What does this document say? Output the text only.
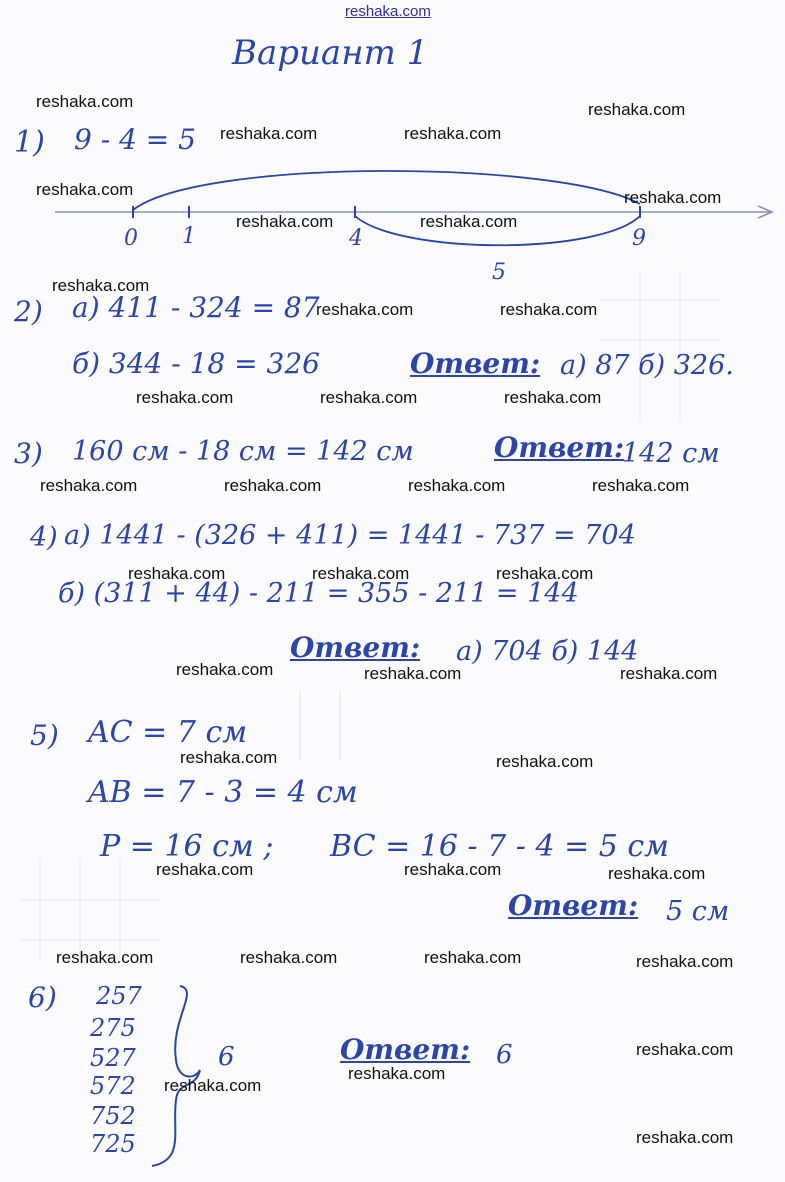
reshaka.com
Вариант 1
1) 9 - 4 = 5
0 1	4	9
5
2) а) 411 - 324 = 87
б) 344 - 18 = 326	Ответ: а) 87 б) 326.
3) 160 см - 18 см = 142 см	Ответ:
142 см
4) а) 1441 - (326 + 411) = 1441 - 737 = 704
б) (311 + 44) - 211 = 355 - 211 = 144
Ответ: а) 704 б) 144
5) AC = 7 см
AB = 7 - 3 = 4 см
P = 16 см ; BC = 16 - 7 - 4 = 5 см
Ответ: 5 см
6) 257
275
527
572
752
725
6	Ответ: 6
reshaka.com	reshaka.com
reshaka.com	reshaka.com
reshaka.com	reshaka.com
reshaka.com	reshaka.com
reshaka.com
reshaka.com	reshaka.com
reshaka.com	reshaka.com	reshaka.com
reshaka.com	reshaka.com	reshaka.com	reshaka.com
reshaka.com	reshaka.com	reshaka.com
reshaka.com	reshaka.com	reshaka.com
reshaka.com	reshaka.com
reshaka.com	reshaka.com	reshaka.com
reshaka.com	reshaka.com	reshaka.com	reshaka.com
reshaka.com
reshaka.com
reshaka.com
reshaka.com
